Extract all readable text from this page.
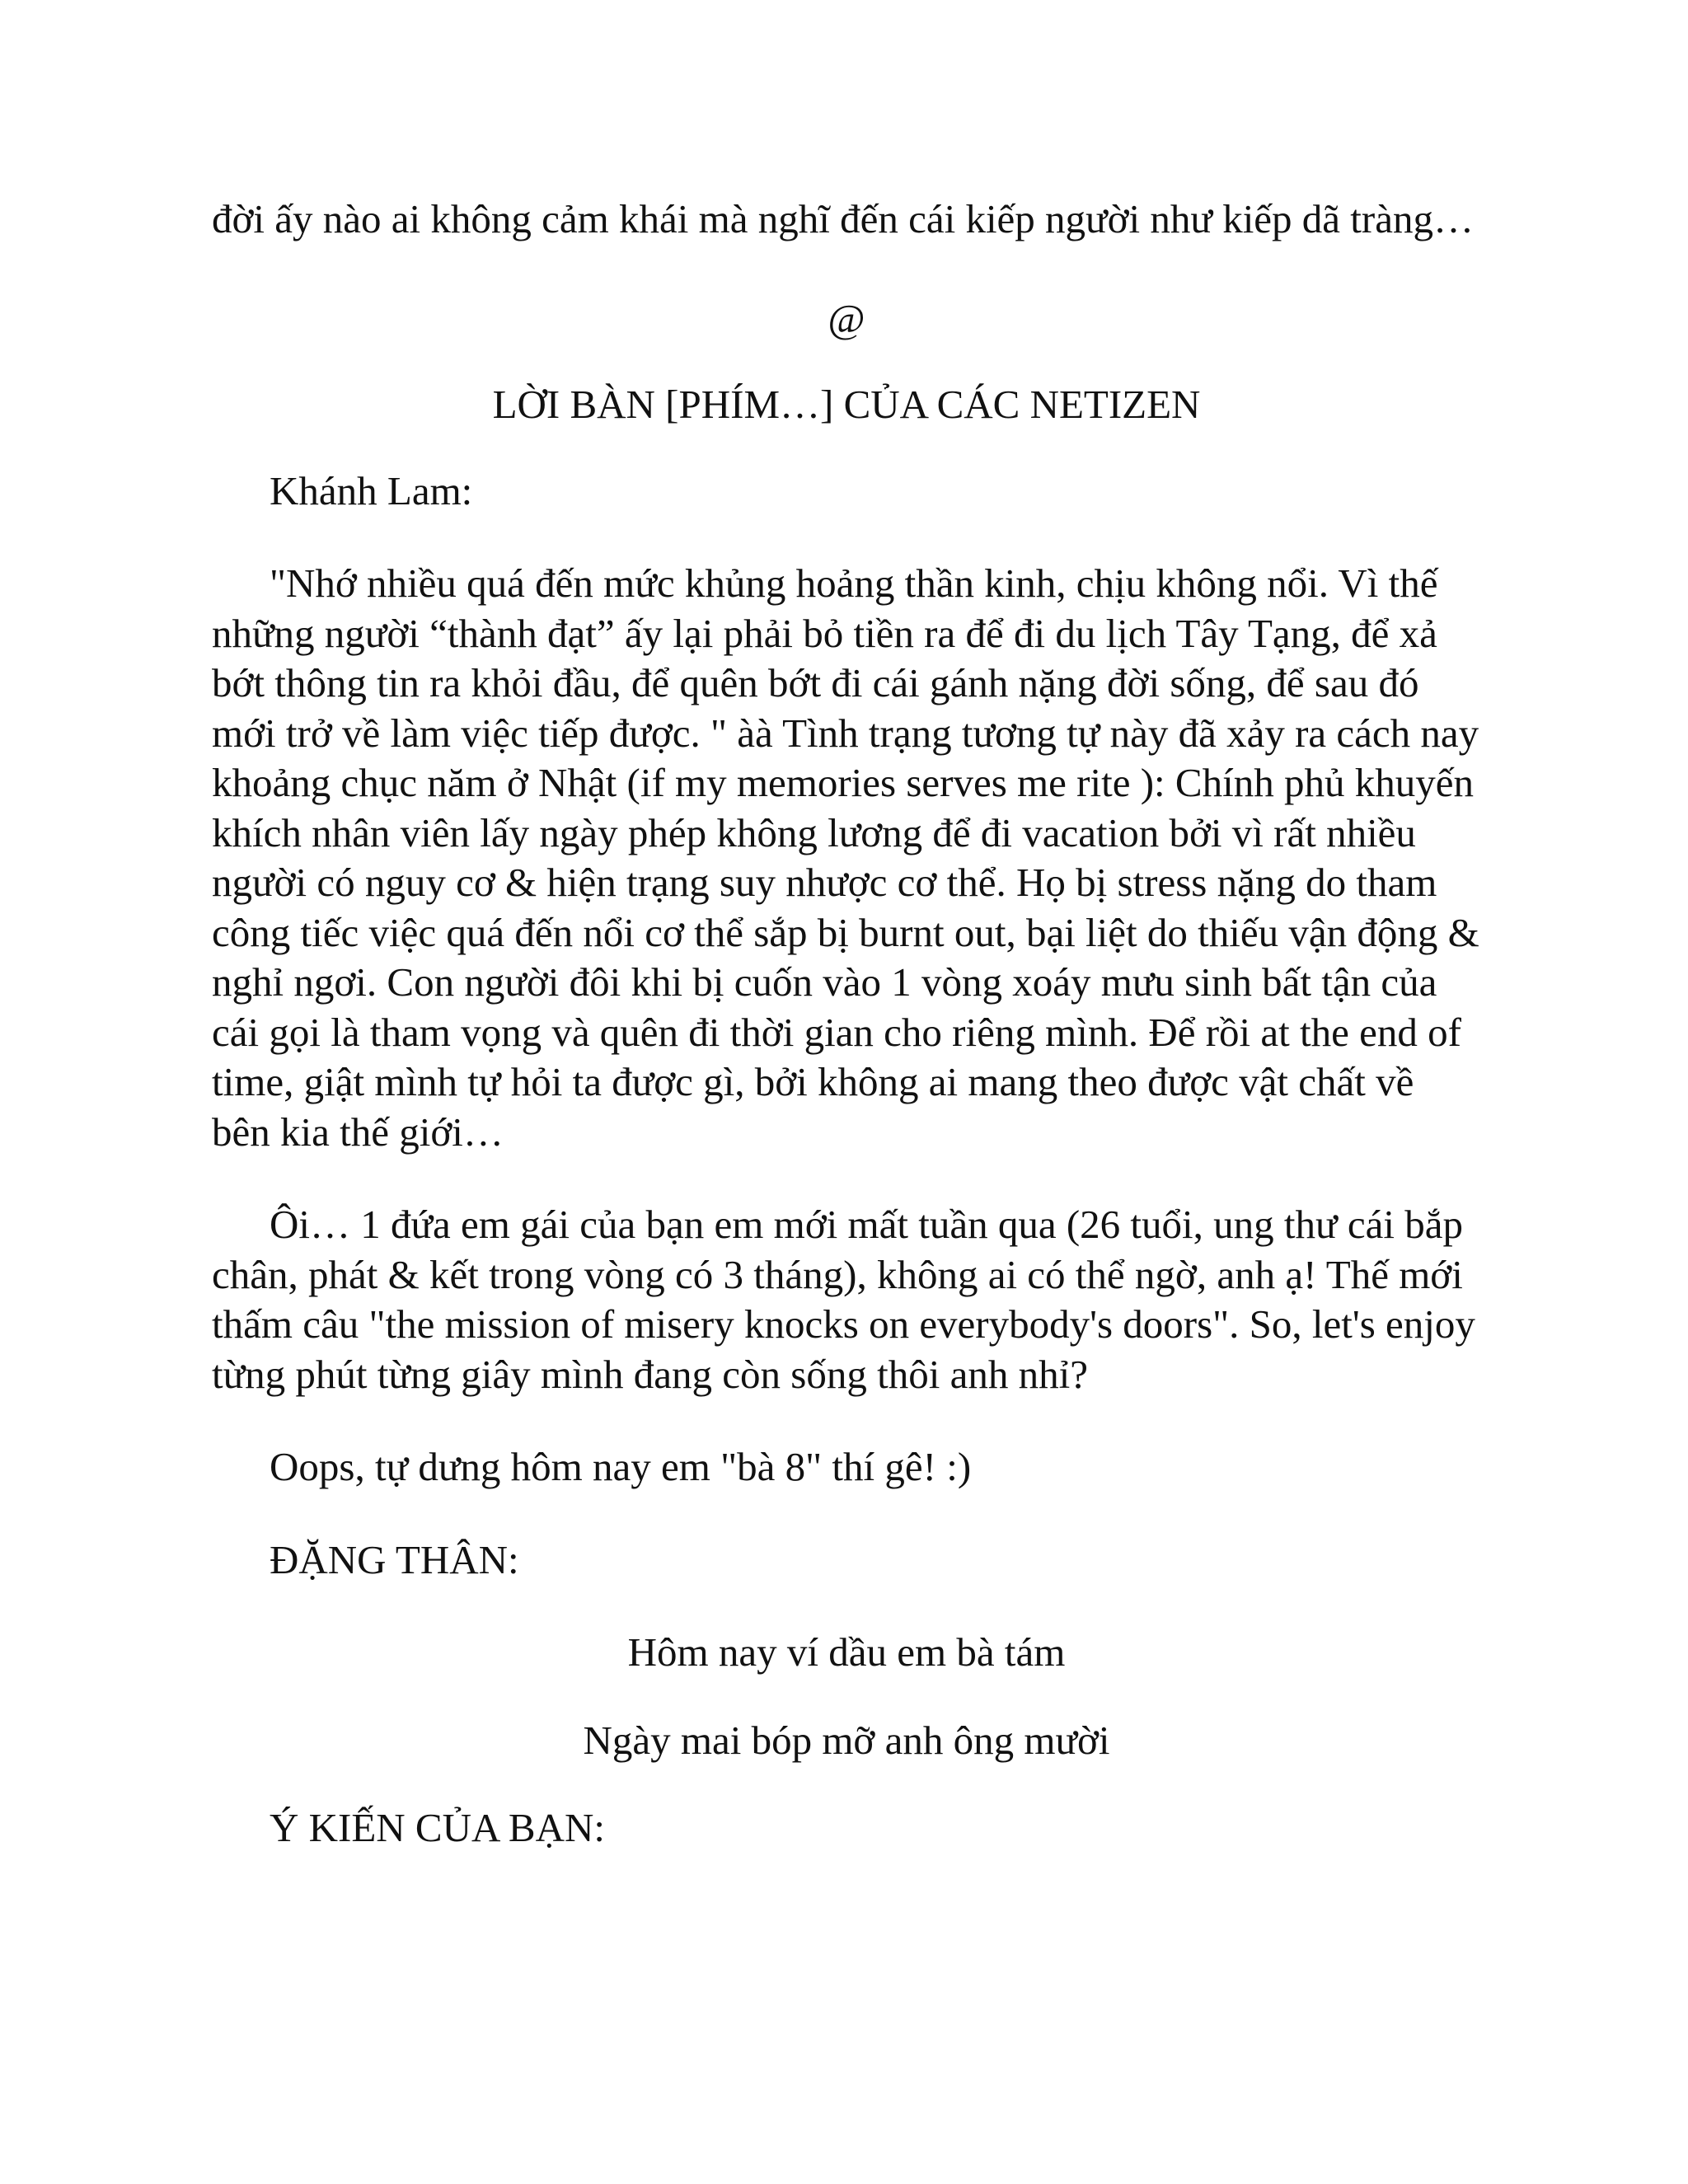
đời ấy nào ai không cảm khái mà nghĩ đến cái kiếp người như kiếp dã tràng…

@

LỜI BÀN [PHÍM…] CỦA CÁC NETIZEN

Khánh Lam:

"Nhớ nhiều quá đến mức khủng hoảng thần kinh, chịu không nổi. Vì thế những người “thành đạt” ấy lại phải bỏ tiền ra để đi du lịch Tây Tạng, để xả bớt thông tin ra khỏi đầu, để quên bớt đi cái gánh nặng đời sống, để sau đó mới trở về làm việc tiếp được. " àà Tình trạng tương tự này đã xảy ra cách nay khoảng chục năm ở Nhật (if my memories serves me rite ): Chính phủ khuyến khích nhân viên lấy ngày phép không lương để đi vacation bởi vì rất nhiều người có nguy cơ & hiện trạng suy nhược cơ thể. Họ bị stress nặng do tham công tiếc việc quá đến nổi cơ thể sắp bị burnt out, bại liệt do thiếu vận động & nghỉ ngơi. Con người đôi khi bị cuốn vào 1 vòng xoáy mưu sinh bất tận của cái gọi là tham vọng và quên đi thời gian cho riêng mình. Để rồi at the end of time, giật mình tự hỏi ta được gì, bởi không ai mang theo được vật chất về bên kia thế giới…

Ôi… 1 đứa em gái của bạn em mới mất tuần qua (26 tuổi, ung thư cái bắp chân, phát & kết trong vòng có 3 tháng), không ai có thể ngờ, anh ạ! Thế mới thấm câu "the mission of misery knocks on everybody's doors". So, let's enjoy từng phút từng giây mình đang còn sống thôi anh nhỉ?

Oops, tự dưng hôm nay em "bà 8" thí gê! :)

ĐẶNG THÂN:

Hôm nay ví dầu em bà tám

Ngày mai bóp mỡ anh ông mười

Ý KIẾN CỦA BẠN:
